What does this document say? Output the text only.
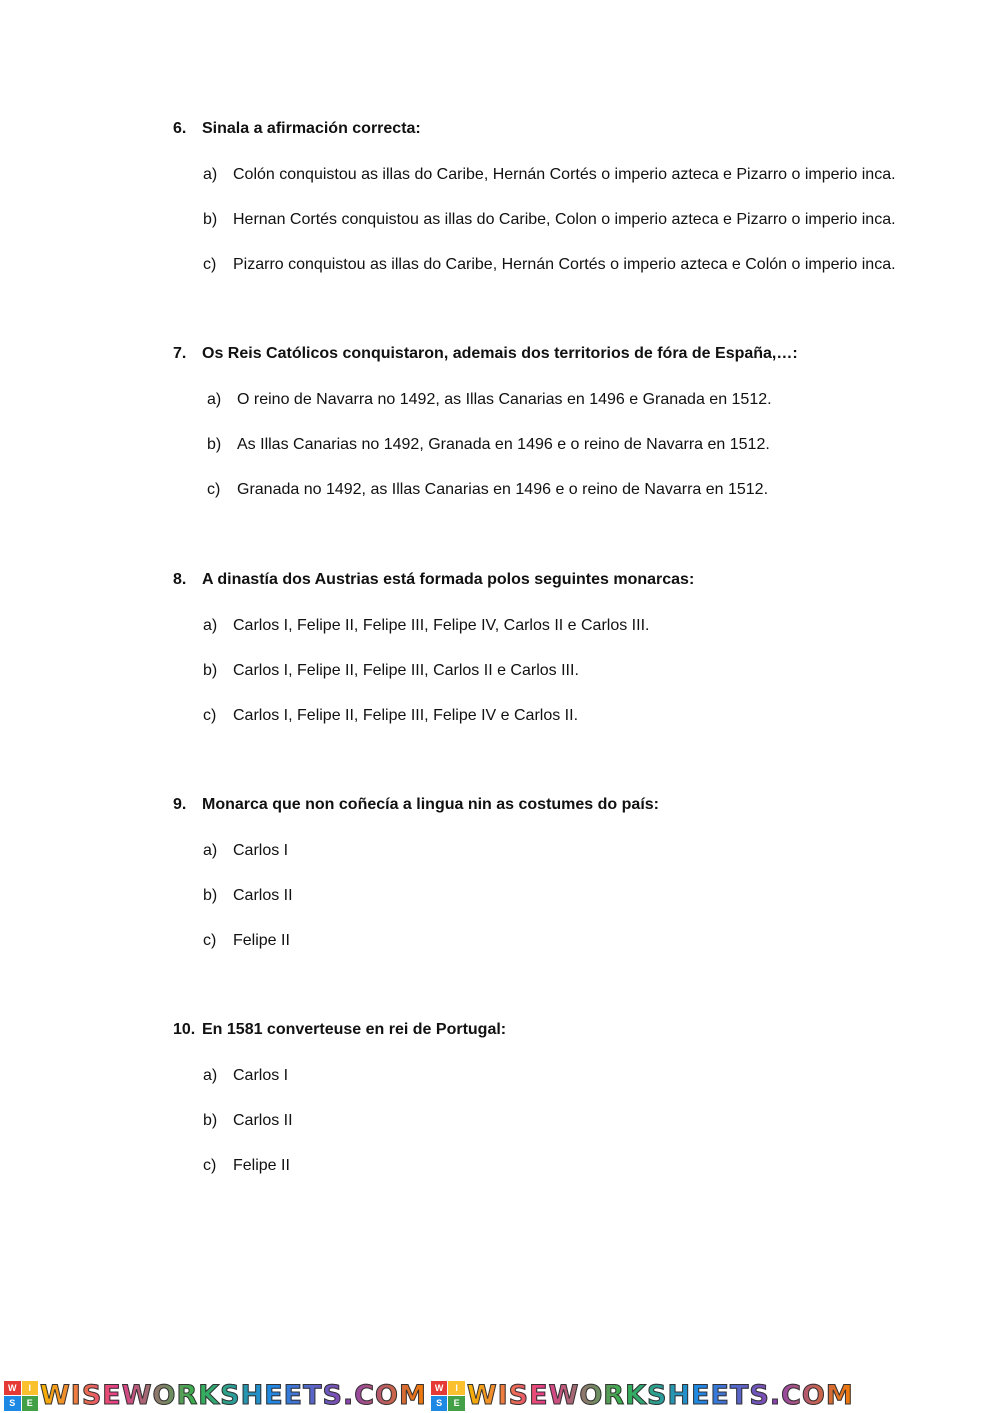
6. Sinala a afirmación correcta:
a) Colón conquistou as illas do Caribe, Hernán Cortés o imperio azteca e Pizarro o imperio inca.
b) Hernan Cortés conquistou as illas do Caribe, Colon o imperio azteca e Pizarro o imperio inca.
c) Pizarro conquistou as illas do Caribe, Hernán Cortés o imperio azteca e Colón o imperio inca.
7. Os Reis Católicos conquistaron, ademais dos territorios de fóra de España,…:
a) O reino de Navarra no 1492, as Illas Canarias en 1496 e Granada en 1512.
b) As Illas Canarias no 1492, Granada en 1496 e o reino de Navarra en 1512.
c) Granada no 1492, as Illas Canarias en 1496 e o reino de Navarra en 1512.
8. A dinastía dos Austrias está formada polos seguintes monarcas:
a) Carlos I, Felipe II, Felipe III, Felipe IV, Carlos II e Carlos III.
b) Carlos I, Felipe II, Felipe III, Carlos II e Carlos III.
c) Carlos I, Felipe II, Felipe III, Felipe IV e Carlos II.
9. Monarca que non coñecía a lingua nin as costumes do país:
a) Carlos I
b) Carlos II
c) Felipe II
10. En 1581 converteuse en rei de Portugal:
a) Carlos I
b) Carlos II
c) Felipe II
W	I
S	E WISEWORKSHEETS.COM W	I
S	E WISEWORKSHEETS.COM
